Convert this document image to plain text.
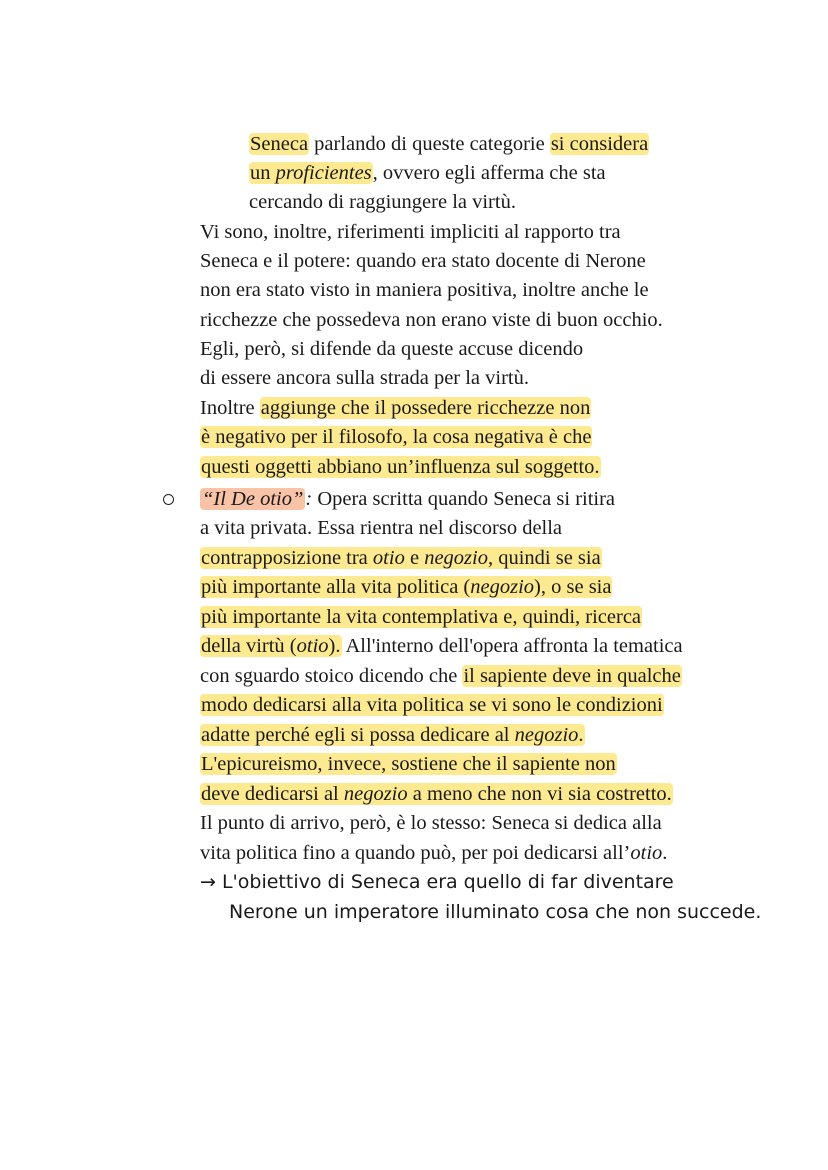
Seneca parlando di queste categorie si considera

un proficientes, ovvero egli afferma che sta

cercando di raggiungere la virtù.

Vi sono, inoltre, riferimenti impliciti al rapporto tra

Seneca e il potere: quando era stato docente di Nerone

non era stato visto in maniera positiva, inoltre anche le

ricchezze che possedeva non erano viste di buon occhio.

Egli, però, si difende da queste accuse dicendo

di essere ancora sulla strada per la virtù.

Inoltre aggiunge che il possedere ricchezze non

è negativo per il filosofo, la cosa negativa è che

questi oggetti abbiano un’influenza sul soggetto.

“Il De otio”: Opera scritta quando Seneca si ritira

a vita privata. Essa rientra nel discorso della

contrapposizione tra otio e negozio, quindi se sia

più importante alla vita politica (negozio), o se sia

più importante la vita contemplativa e, quindi, ricerca

della virtù (otio). All'interno dell'opera affronta la tematica

con sguardo stoico dicendo che il sapiente deve in qualche

modo dedicarsi alla vita politica se vi sono le condizioni

adatte perché egli si possa dedicare al negozio.

L'epicureismo, invece, sostiene che il sapiente non

deve dedicarsi al negozio a meno che non vi sia costretto.

Il punto di arrivo, però, è lo stesso: Seneca si dedica alla

vita politica fino a quando può, per poi dedicarsi all’otio.

→ L'obiettivo di Seneca era quello di far diventare

Nerone un imperatore illuminato cosa che non succede.
